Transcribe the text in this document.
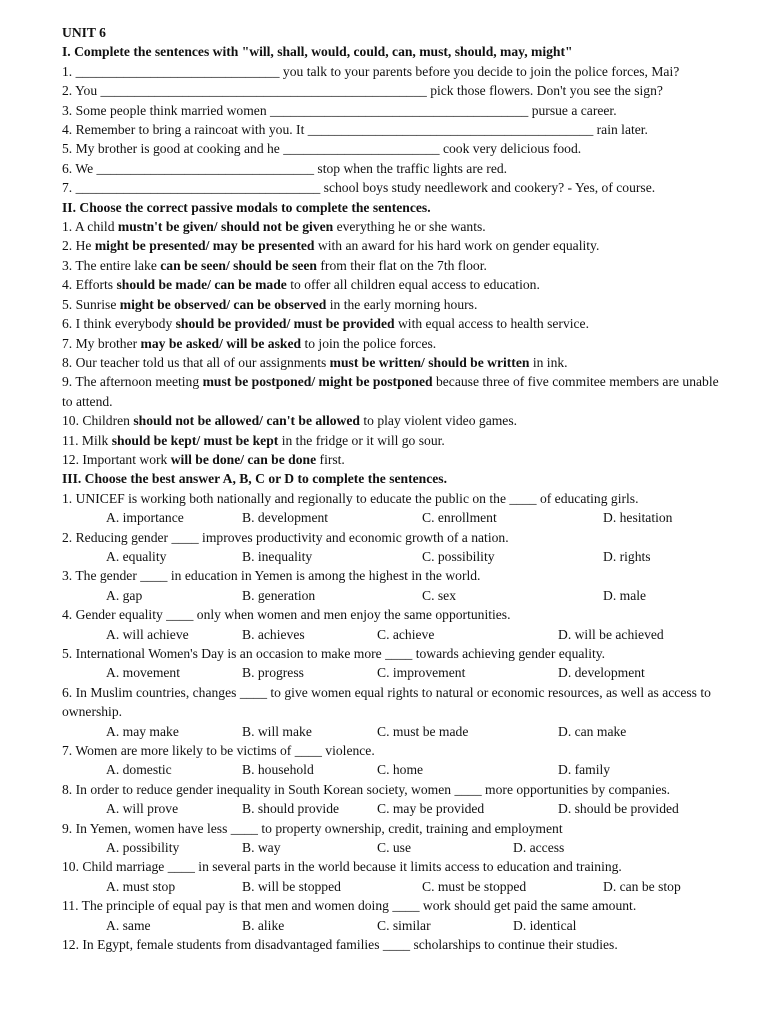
UNIT 6
I. Complete the sentences with "will, shall, would, could, can, must, should, may, might"
1. ______________________________ you talk to your parents before you decide to join the police forces, Mai?
2. You ________________________________________________ pick those flowers. Don't you see the sign?
3. Some people think married women ______________________________________ pursue a career.
4. Remember to bring a raincoat with you. It __________________________________________ rain later.
5. My brother is good at cooking and he _______________________ cook very delicious food.
6. We ________________________________ stop when the traffic lights are red.
7. ____________________________________ school boys study needlework and cookery? - Yes, of course.
II. Choose the correct passive modals to complete the sentences.
1. A child mustn't be given/ should not be given everything he or she wants.
2. He might be presented/ may be presented with an award for his hard work on gender equality.
3. The entire lake can be seen/ should be seen from their flat on the 7th floor.
4. Efforts should be made/ can be made to offer all children equal access to education.
5. Sunrise might be observed/ can be observed in the early morning hours.
6. I think everybody should be provided/ must be provided with equal access to health service.
7. My brother may be asked/ will be asked to join the police forces.
8. Our teacher told us that all of our assignments must be written/ should be written in ink.
9. The afternoon meeting must be postponed/ might be postponed because three of five commitee members are unable to attend.
10. Children should not be allowed/ can't be allowed to play violent video games.
11. Milk should be kept/ must be kept in the fridge or it will go sour.
12. Important work will be done/ can be done first.
III. Choose the best answer A, B, C or D to complete the sentences.
1. UNICEF is working both nationally and regionally to educate the public on the ____ of educating girls.
A. importance	B. development	C. enrollment	D. hesitation
2. Reducing gender ____ improves productivity and economic growth of a nation.
A. equality	B. inequality	C. possibility	D. rights
3. The gender ____ in education in Yemen is among the highest in the world.
A. gap	B. generation	C. sex	D. male
4. Gender equality ____ only when women and men enjoy the same opportunities.
A. will achieve	B. achieves	C. achieve	D. will be achieved
5. International Women's Day is an occasion to make more ____ towards achieving gender equality.
A. movement	B. progress	C. improvement	D. development
6. In Muslim countries, changes ____ to give women equal rights to natural or economic resources, as well as access to ownership.
A. may make	B. will make	C. must be made	D. can make
7. Women are more likely to be victims of ____ violence.
A. domestic	B. household	C. home	D. family
8. In order to reduce gender inequality in South Korean society, women ____ more opportunities by companies.
A. will prove	B. should provide	C. may be provided	D. should be provided
9. In Yemen, women have less ____ to property ownership, credit, training and employment
A. possibility	B. way	C. use	D. access
10. Child marriage ____ in several parts in the world because it limits access to education and training.
A. must stop	B. will be stopped	C. must be stopped	D. can be stop
11. The principle of equal pay is that men and women doing ____ work should get paid the same amount.
A. same	B. alike	C. similar	D. identical
12. In Egypt, female students from disadvantaged families ____ scholarships to continue their studies.
